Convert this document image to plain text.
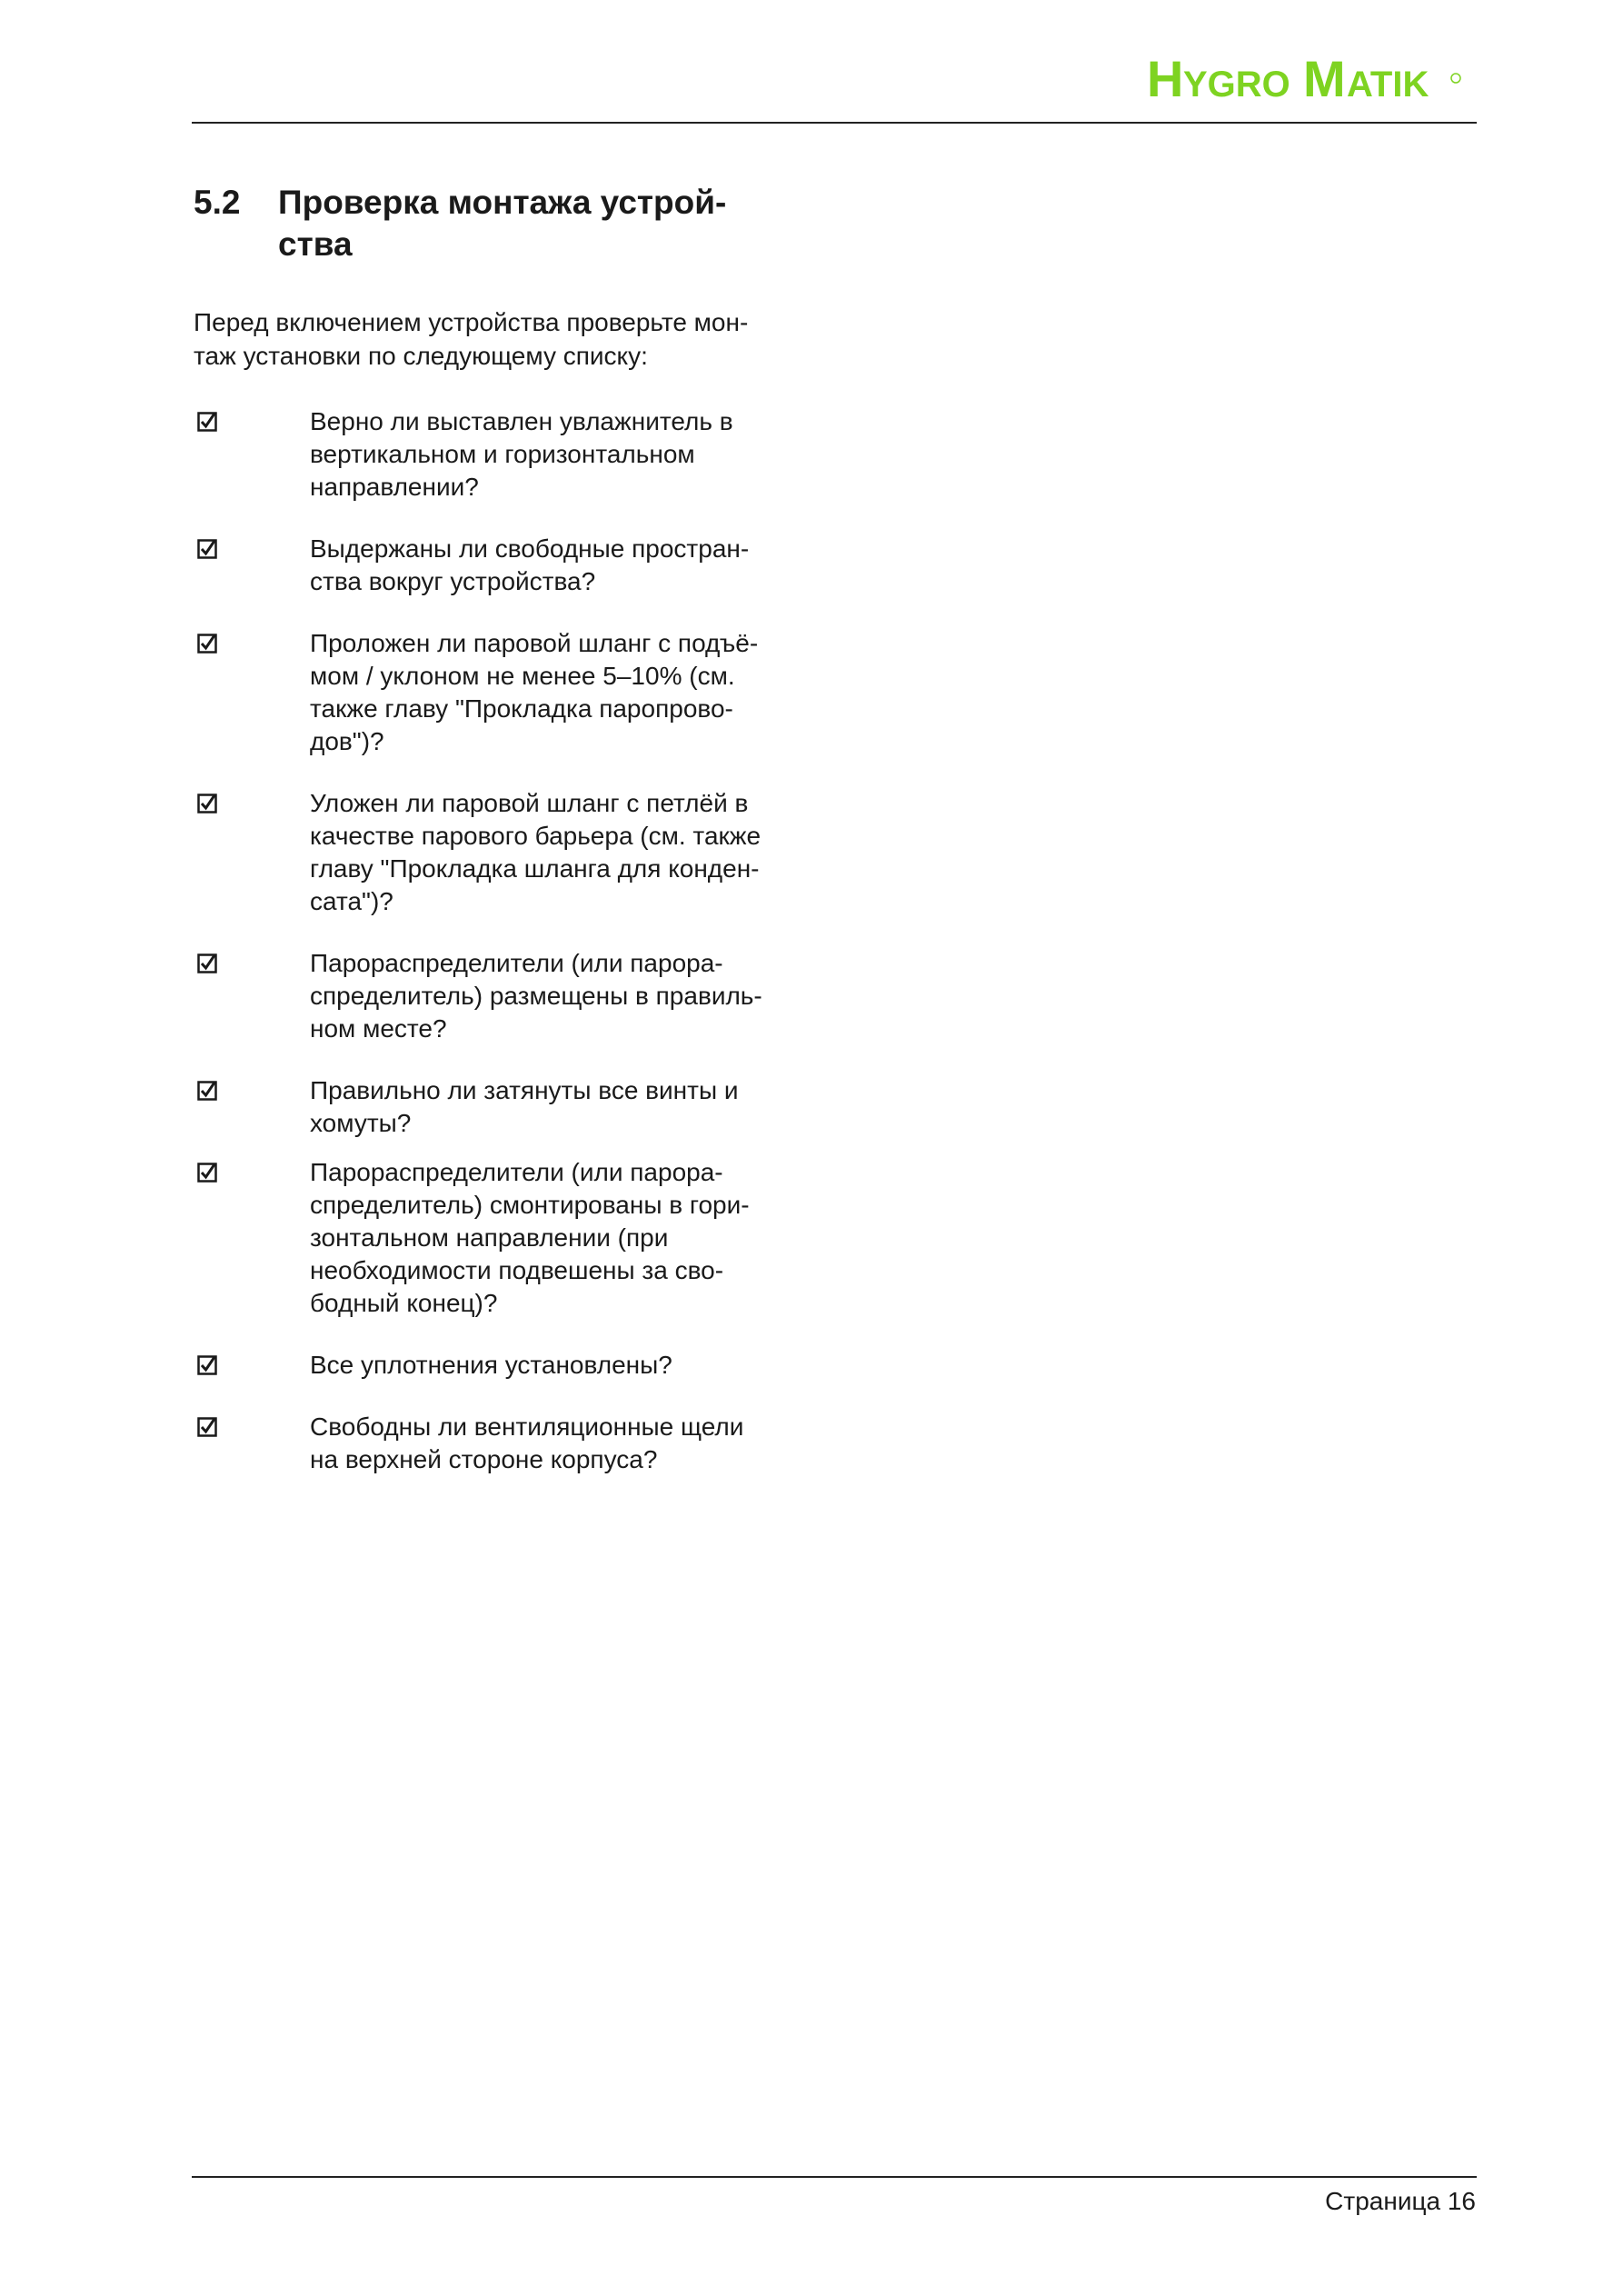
H YGRO M ATIK
5.2	Проверка монтажа устрой-
ства
Перед включением устройства проверьте мон-
таж установки по следующему списку:
Верно ли выставлен увлажнитель в
вертикальном и горизонтальном
направлении?
Выдержаны ли свободные простран-
ства вокруг устройства?
Проложен ли паровой шланг с подъё-
мом / уклоном не менее 5–10% (см.
также главу "Прокладка паропрово-
дов")?
Уложен ли паровой шланг с петлёй в
качестве парового барьера (см. также
главу "Прокладка шланга для конден-
сата")?
Парораспределители (или парора-
спределитель) размещены в правиль-
ном месте?
Правильно ли затянуты все винты и
хомуты?
Парораспределители (или парора-
спределитель) смонтированы в гори-
зонтальном направлении (при
необходимости подвешены за сво-
бодный конец)?
Все уплотнения установлены?
Свободны ли вентиляционные щели
на верхней стороне корпуса?
Страница 16
